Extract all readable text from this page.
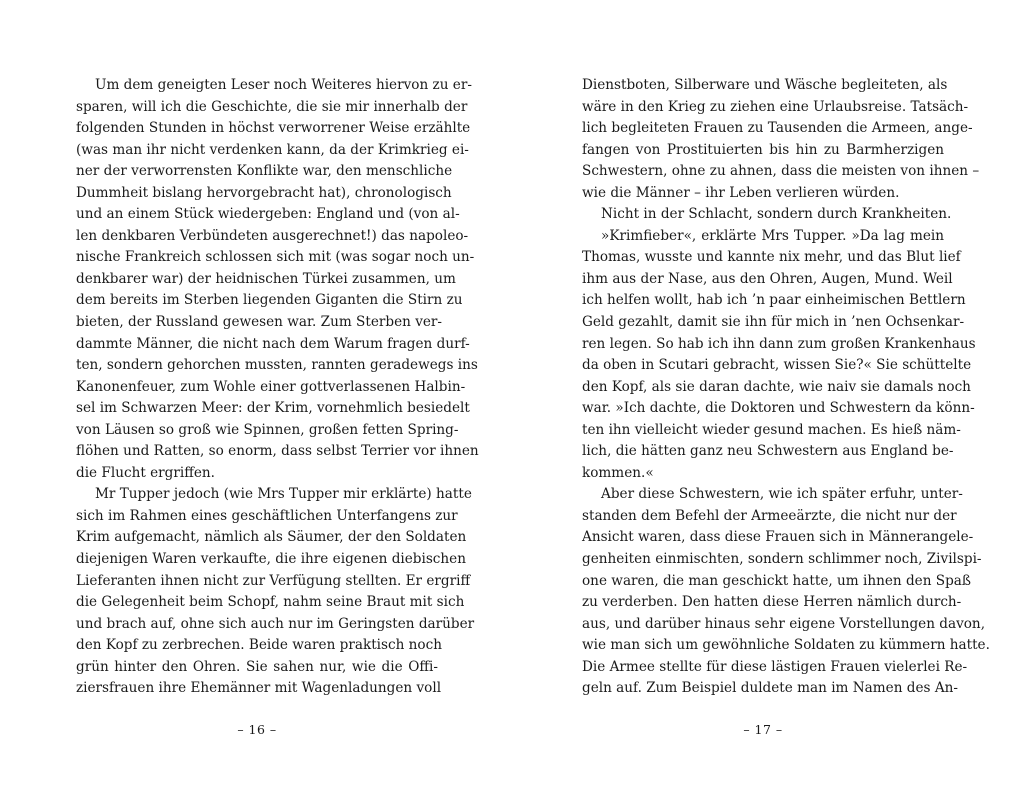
Um dem geneigten Leser noch Weiteres hiervon zu er-
sparen, will ich die Geschichte, die sie mir innerhalb der
folgenden Stunden in höchst verworrener Weise erzählte
(was man ihr nicht verdenken kann, da der Krimkrieg ei-
ner der verworrensten Konflikte war, den menschliche
Dummheit bislang hervorgebracht hat), chronologisch
und an einem Stück wiedergeben: England und (von al-
len denkbaren Verbündeten ausgerechnet!) das napoleo-
nische Frankreich schlossen sich mit (was sogar noch un-
denkbarer war) der heidnischen Türkei zusammen, um
dem bereits im Sterben liegenden Giganten die Stirn zu
bieten, der Russland gewesen war. Zum Sterben ver-
dammte Männer, die nicht nach dem Warum fragen durf-
ten, sondern gehorchen mussten, rannten geradewegs ins
Kanonenfeuer, zum Wohle einer gottverlassenen Halbin-
sel im Schwarzen Meer: der Krim, vornehmlich besiedelt
von Läusen so groß wie Spinnen, großen fetten Spring-
flöhen und Ratten, so enorm, dass selbst Terrier vor ihnen
die Flucht ergriffen.
Mr Tupper jedoch (wie Mrs Tupper mir erklärte) hatte
sich im Rahmen eines geschäftlichen Unterfangens zur
Krim aufgemacht, nämlich als Säumer, der den Soldaten
diejenigen Waren verkaufte, die ihre eigenen diebischen
Lieferanten ihnen nicht zur Verfügung stellten. Er ergriff
die Gelegenheit beim Schopf, nahm seine Braut mit sich
und brach auf, ohne sich auch nur im Geringsten darüber
den Kopf zu zerbrechen. Beide waren praktisch noch
grün hinter den Ohren. Sie sahen nur, wie die Offi-
ziersfrauen ihre Ehemänner mit Wagenladungen voll
– 16 –
Dienstboten, Silberware und Wäsche begleiteten, als
wäre in den Krieg zu ziehen eine Urlaubsreise. Tatsäch-
lich begleiteten Frauen zu Tausenden die Armeen, ange-
fangen von Prostituierten bis hin zu Barmherzigen
Schwestern, ohne zu ahnen, dass die meisten von ihnen –
wie die Männer – ihr Leben verlieren würden.
Nicht in der Schlacht, sondern durch Krankheiten.
»Krimfieber«, erklärte Mrs Tupper. »Da lag mein
Thomas, wusste und kannte nix mehr, und das Blut lief
ihm aus der Nase, aus den Ohren, Augen, Mund. Weil
ich helfen wollt, hab ich ’n paar einheimischen Bettlern
Geld gezahlt, damit sie ihn für mich in ’nen Ochsenkar-
ren legen. So hab ich ihn dann zum großen Krankenhaus
da oben in Scutari gebracht, wissen Sie?« Sie schüttelte
den Kopf, als sie daran dachte, wie naiv sie damals noch
war. »Ich dachte, die Doktoren und Schwestern da könn-
ten ihn vielleicht wieder gesund machen. Es hieß näm-
lich, die hätten ganz neu Schwestern aus England be-
kommen.«
Aber diese Schwestern, wie ich später erfuhr, unter-
standen dem Befehl der Armeeärzte, die nicht nur der
Ansicht waren, dass diese Frauen sich in Männerangele-
genheiten einmischten, sondern schlimmer noch, Zivilspi-
one waren, die man geschickt hatte, um ihnen den Spaß
zu verderben. Den hatten diese Herren nämlich durch-
aus, und darüber hinaus sehr eigene Vorstellungen davon,
wie man sich um gewöhnliche Soldaten zu kümmern hatte.
Die Armee stellte für diese lästigen Frauen vielerlei Re-
geln auf. Zum Beispiel duldete man im Namen des An-
– 17 –
